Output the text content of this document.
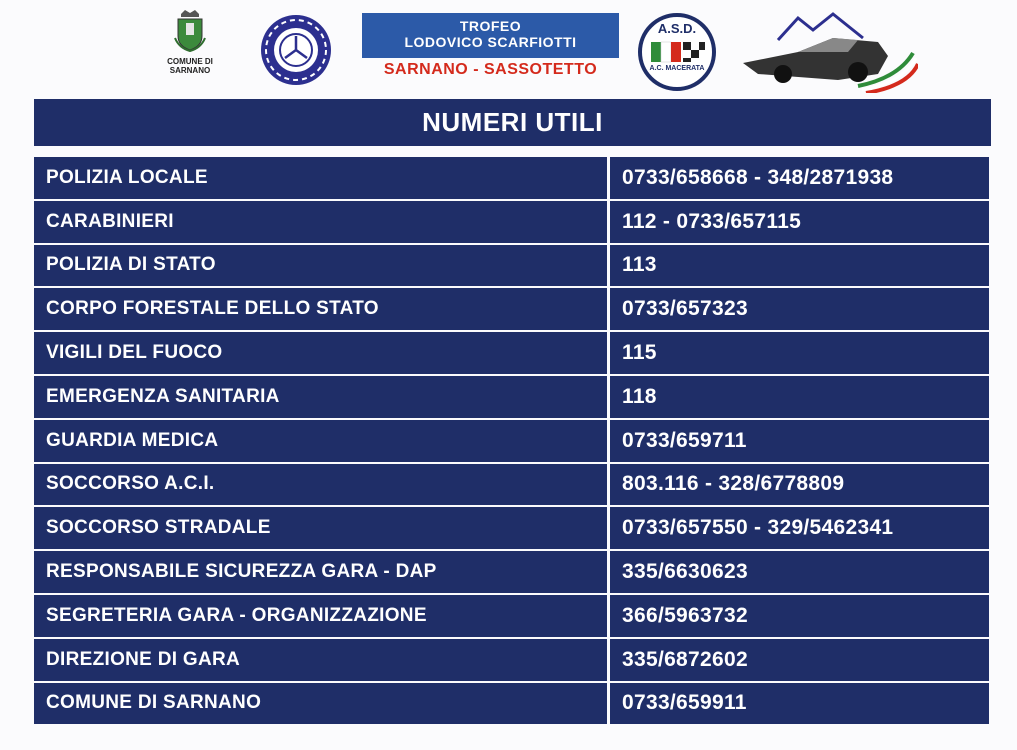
COMUNE DI SARNANO
TROFEO
LODOVICO SCARFIOTTI
SARNANO - SASSOTETTO
A.S.D.
A.C. MACERATA
NUMERI UTILI
POLIZIA LOCALE	0733/658668 - 348/2871938
CARABINIERI	112 - 0733/657115
POLIZIA DI STATO	113
CORPO FORESTALE DELLO STATO	0733/657323
VIGILI DEL FUOCO	115
EMERGENZA SANITARIA	118
GUARDIA MEDICA	0733/659711
SOCCORSO A.C.I.	803.116 - 328/6778809
SOCCORSO STRADALE	0733/657550 - 329/5462341
RESPONSABILE SICUREZZA GARA - DAP	335/6630623
SEGRETERIA GARA - ORGANIZZAZIONE	366/5963732
DIREZIONE DI GARA	335/6872602
COMUNE DI SARNANO	0733/659911
